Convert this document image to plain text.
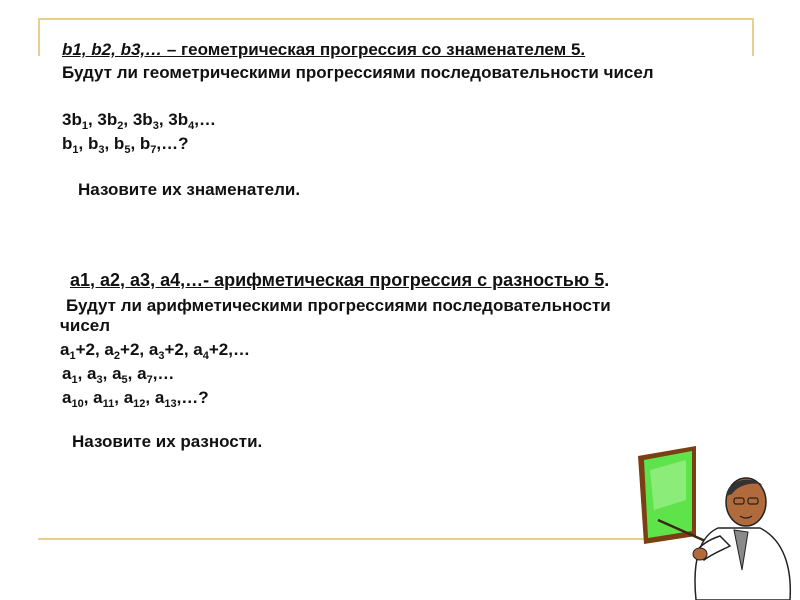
b1, b2, b3,… – геометрическая прогрессия со знаменателем 5.
Будут ли геометрическими прогрессиями последовательности чисел
$3b_1$, $3b_2$, $3b_3$, $3b_4,\dots$
$b_1$, $b_3$, $b_5$, $b_7,\dots$?
Назовите их знаменатели.
a1, a2, a3, a4,…- арифметическая прогрессия с разностью 5.
Будут ли арифметическими прогрессиями последовательности
чисел
$a_1+2$, $a_2+2$, $a_3+2$, $a_4+2,\dots$
$a_1$, $a_3$, $a_5$, $a_7,\dots$
$a_{10}$, $a_{11}$, $a_{12}$, $a_{13},\dots$?
Назовите их разности.
